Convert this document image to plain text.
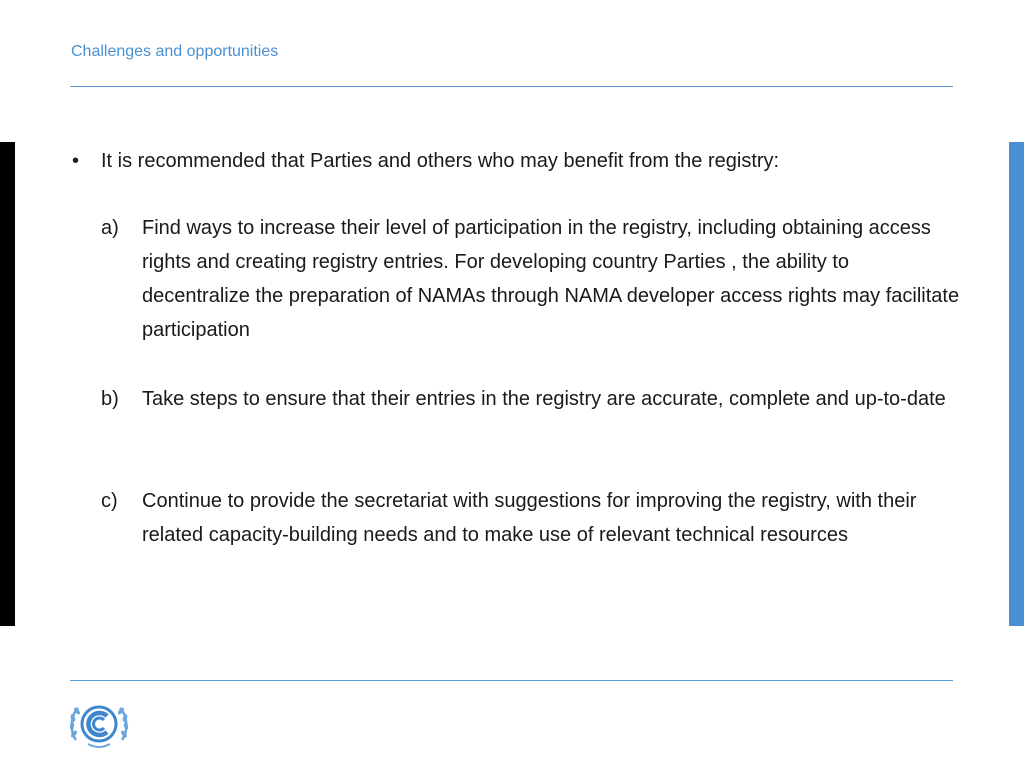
Challenges and opportunities
• It is recommended that Parties and others who may benefit from the registry:
a) Find ways to increase their level of participation in the registry, including obtaining access rights and creating registry entries. For developing country Parties , the ability to decentralize the preparation of NAMAs through NAMA developer access rights may facilitate participation
b) Take steps to ensure that their entries in the registry are accurate, complete and up-to-date
c) Continue to provide the secretariat with suggestions for improving the registry, with their related capacity-building needs and to make use of relevant technical resources
